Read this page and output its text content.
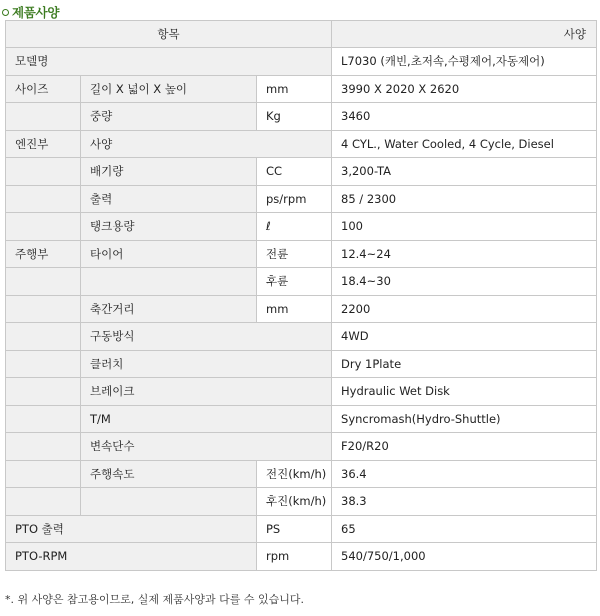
제품사양
항목			사양
모델명			L7030 (캐빈,초저속,수평제어,자동제어)
사이즈	길이 X 넓이 X 높이	mm	3990 X 2020 X 2620
	중량	Kg	3460
엔진부	사양		4 CYL., Water Cooled, 4 Cycle, Diesel
	배기량	CC	3,200-TA
	출력	ps/rpm	85 / 2300
	탱크용량	ℓ	100
주행부	타이어	전륜	12.4~24
		후륜	18.4~30
	축간거리	mm	2200
	구동방식		4WD
	클러치		Dry 1Plate
	브레이크		Hydraulic Wet Disk
	T/M		Syncromash(Hydro-Shuttle)
	변속단수		F20/R20
	주행속도	전진(km/h)	36.4
		후진(km/h)	38.3
PTO 출력		PS	65
PTO-RPM		rpm	540/750/1,000
*. 위 사양은 참고용이므로, 실제 제품사양과 다를 수 있습니다.
